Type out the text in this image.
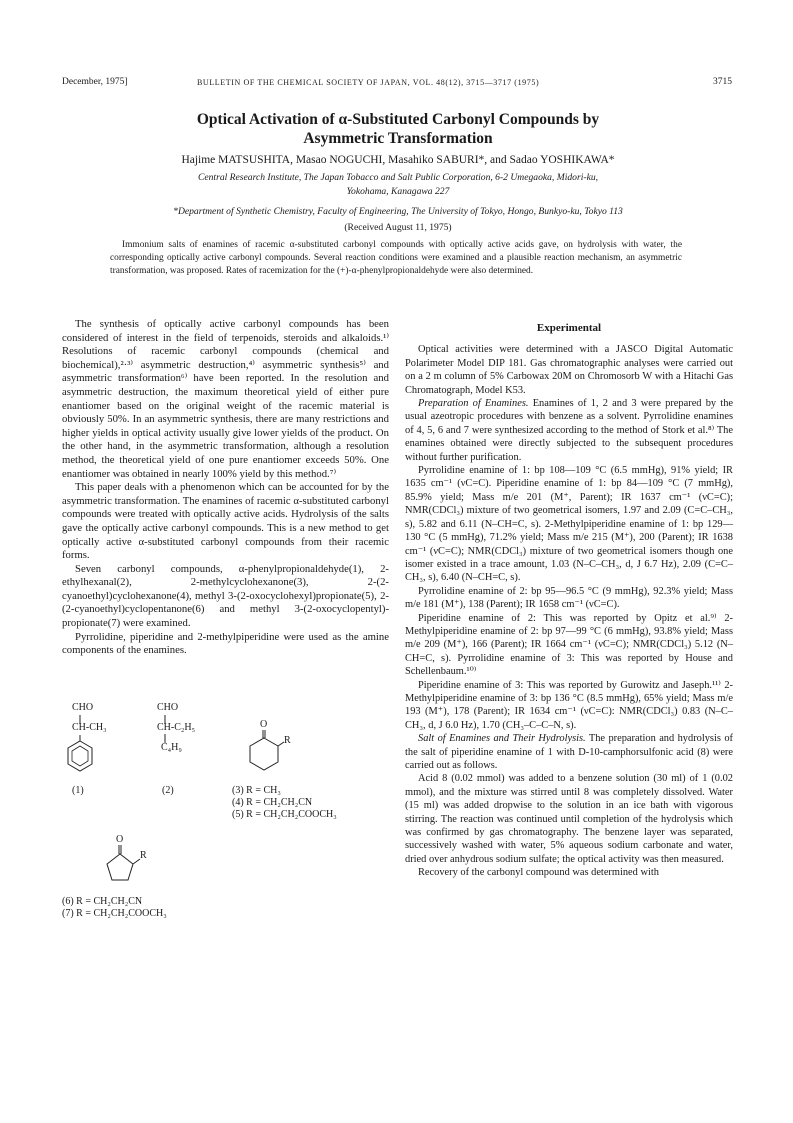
December, 1975]	BULLETIN OF THE CHEMICAL SOCIETY OF JAPAN, VOL. 48(12), 3715—3717 (1975)	3715
Optical Activation of α-Substituted Carbonyl Compounds by
Asymmetric Transformation
Hajime MATSUSHITA, Masao NOGUCHI, Masahiko SABURI*, and Sadao YOSHIKAWA*
Central Research Institute, The Japan Tobacco and Salt Public Corporation, 6-2 Umegaoka, Midori-ku,
Yokohama, Kanagawa 227
*Department of Synthetic Chemistry, Faculty of Engineering, The University of Tokyo, Hongo, Bunkyo-ku, Tokyo 113
(Received August 11, 1975)
Immonium salts of enamines of racemic α-substituted carbonyl compounds with optically active acids gave, on hydrolysis with water, the corresponding optically active carbonyl compounds. Several reaction conditions were examined and a plausible reaction mechanism, an asymmetric transformation, was proposed. Rates of racemization for the (+)-α-phenylpropionaldehyde were also determined.

The synthesis of optically active carbonyl compounds has been considered of interest in the field of terpenoids, steroids and alkaloids.¹⁾ Resolutions of racemic carbonyl compounds (chemical and biochemical),²·³⁾ asymmetric destruction,⁴⁾ asymmetric synthesis⁵⁾ and asymmetric transformation⁶⁾ have been reported. In the resolution and asymmetric destruction, the maximum theoretical yield of either pure enantiomer based on the original weight of the racemic material is obviously 50%. In an asymmetric synthesis, there are many restrictions and higher yields in optical activity usually give lower yields of the product. On the other hand, in the asymmetric transformation, although a resolution method, the theoretical yield of one pure enantiomer exceeds 50%. One enantiomer was obtained in nearly 100% yield by this method.⁷⁾

This paper deals with a phenomenon which can be accounted for by the asymmetric transformation. The enamines of racemic α-substituted carbonyl compounds were treated with optically active acids. Hydrolysis of the salts gave the optically active carbonyl compounds. This is a new method to get optically active α-substituted carbonyl compounds from their racemic forms.

Seven carbonyl compounds, α-phenylpropionaldehyde(1), 2-ethylhexanal(2), 2-methylcyclohexanone(3), 2-(2-cyanoethyl)cyclohexanone(4), methyl 3-(2-oxocyclohexyl)propionate(5), 2-(2-cyanoethyl)cyclopentanone(6) and methyl 3-(2-oxocyclopentyl)-propionate(7) were examined.

Pyrrolidine, piperidine and 2-methylpiperidine were used as the amine components of the enamines.

CHO
CH-CH₃
(1)
CHO
CH-C₂H₅
C₄H₉
(2)
O
R
(3) R = CH₃
(4) R = CH₂CH₂CN
(5) R = CH₂CH₂COOCH₃
O
R
(6) R = CH₂CH₂CN
(7) R = CH₂CH₂COOCH₃

Experimental

Optical activities were determined with a JASCO Digital Automatic Polarimeter Model DIP 181. Gas chromatographic analyses were carried out on a 2 m column of 5% Carbowax 20M on Chromosorb W with a Hitachi Gas Chromatograph, Model K53.

Preparation of Enamines. Enamines of 1, 2 and 3 were prepared by the usual azeotropic procedures with benzene as a solvent. Pyrrolidine enamines of 4, 5, 6 and 7 were synthesized according to the method of Stork et al.⁸⁾ The enamines obtained were directly subjected to the subsequent procedures without further purification.

Pyrrolidine enamine of 1: bp 108—109 °C (6.5 mmHg), 91% yield; IR 1635 cm⁻¹ (νC=C). Piperidine enamine of 1: bp 84—109 °C (7 mmHg), 85.9% yield; Mass m/e 201 (M⁺, Parent); IR 1637 cm⁻¹ (νC=C); NMR(CDCl₃) mixture of two geometrical isomers, 1.97 and 2.09 (C=C–CH₃, s), 5.82 and 6.11 (N–CH=C, s). 2-Methylpiperidine enamine of 1: bp 129—130 °C (5 mmHg), 71.2% yield; Mass m/e 215 (M⁺), 200 (Parent); IR 1638 cm⁻¹ (νC=C); NMR(CDCl₃) mixture of two geometrical isomers though one isomer existed in a trace amount, 1.03 (N–C–CH₃, d, J 6.7 Hz), 2.09 (C=C–CH₃, s), 6.40 (N–CH=C, s).

Pyrrolidine enamine of 2: bp 95—96.5 °C (9 mmHg), 92.3% yield; Mass m/e 181 (M⁺), 138 (Parent); IR 1658 cm⁻¹ (νC=C).

Piperidine enamine of 2: This was reported by Opitz et al.⁹⁾ 2-Methylpiperidine enamine of 2: bp 97—99 °C (6 mmHg), 93.8% yield; Mass m/e 209 (M⁺), 166 (Parent); IR 1664 cm⁻¹ (νC=C); NMR(CDCl₃) 5.12 (N–CH=C, s). Pyrrolidine enamine of 3: This was reported by House and Schellenbaum.¹⁰⁾

Piperidine enamine of 3: This was reported by Gurowitz and Jaseph.¹¹⁾ 2-Methylpiperidine enamine of 3: bp 136 °C (8.5 mmHg), 65% yield; Mass m/e 193 (M⁺), 178 (Parent); IR 1634 cm⁻¹ (νC=C): NMR(CDCl₃) 0.83 (N–C–CH₃, d, J 6.0 Hz), 1.70 (CH₃–C–C–N, s).

Salt of Enamines and Their Hydrolysis. The preparation and hydrolysis of the salt of piperidine enamine of 1 with D-10-camphorsulfonic acid (8) were carried out as follows.

Acid 8 (0.02 mmol) was added to a benzene solution (30 ml) of 1 (0.02 mmol), and the mixture was stirred until 8 was completely dissolved. Water (15 ml) was added dropwise to the solution in an ice bath with vigorous stirring. The reaction was continued until completion of the hydrolysis which was confirmed by gas chromatography. The benzene layer was separated, successively washed with water, 5% aqueous sodium carbonate and water, dried over anhydrous sodium sulfate; the optical activity was then measured.

Recovery of the carbonyl compound was determined with
